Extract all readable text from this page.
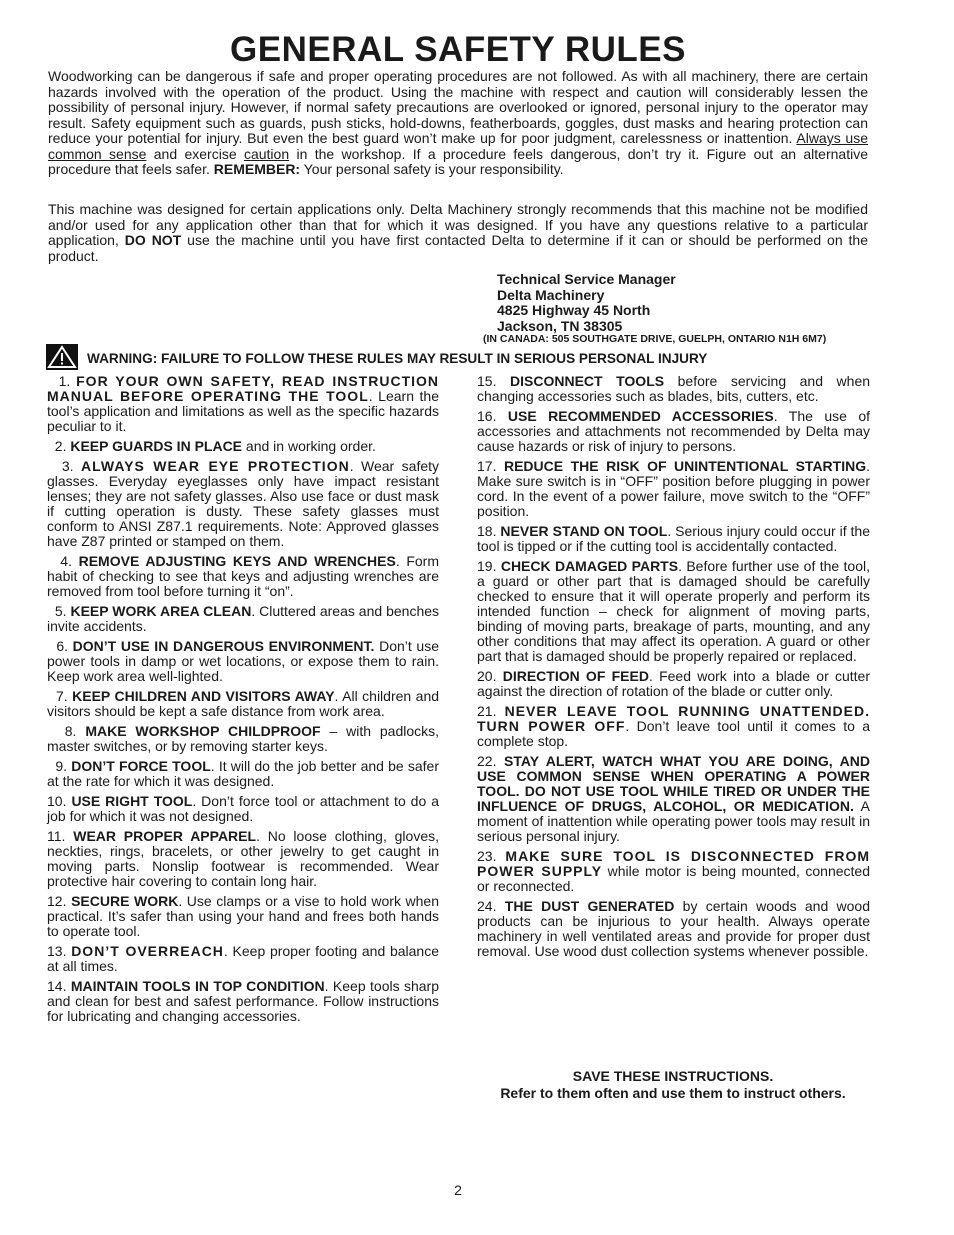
GENERAL SAFETY RULES

Woodworking can be dangerous if safe and proper operating procedures are not followed. As with all machinery, there are certain hazards involved with the operation of the product. Using the machine with respect and caution will considerably lessen the possibility of personal injury. However, if normal safety precautions are overlooked or ignored, personal injury to the operator may result. Safety equipment such as guards, push sticks, hold-downs, featherboards, goggles, dust masks and hearing protection can reduce your potential for injury. But even the best guard won’t make up for poor judgment, carelessness or inattention. Always use common sense and exercise caution in the workshop. If a procedure feels dangerous, don’t try it. Figure out an alternative procedure that feels safer. REMEMBER: Your personal safety is your responsibility.

This machine was designed for certain applications only. Delta Machinery strongly recommends that this machine not be modified and/or used for any application other than that for which it was designed. If you have any questions relative to a particular application, DO NOT use the machine until you have first contacted Delta to determine if it can or should be performed on the product.

Technical Service Manager
Delta Machinery
4825 Highway 45 North
Jackson, TN 38305
(IN CANADA: 505 SOUTHGATE DRIVE, GUELPH, ONTARIO N1H 6M7)
WARNING: FAILURE TO FOLLOW THESE RULES MAY RESULT IN SERIOUS PERSONAL INJURY

1. FOR YOUR OWN SAFETY, READ INSTRUCTION MANUAL BEFORE OPERATING THE TOOL. Learn the tool’s application and limitations as well as the specific hazards peculiar to it.

2. KEEP GUARDS IN PLACE and in working order.

3. ALWAYS WEAR EYE PROTECTION. Wear safety glasses. Everyday eyeglasses only have impact resistant lenses; they are not safety glasses. Also use face or dust mask if cutting operation is dusty. These safety glasses must conform to ANSI Z87.1 requirements. Note: Approved glasses have Z87 printed or stamped on them.

4. REMOVE ADJUSTING KEYS AND WRENCHES. Form habit of checking to see that keys and adjusting wrenches are removed from tool before turning it “on”.

5. KEEP WORK AREA CLEAN. Cluttered areas and benches invite accidents.

6. DON’T USE IN DANGEROUS ENVIRONMENT. Don’t use power tools in damp or wet locations, or expose them to rain. Keep work area well-lighted.

7. KEEP CHILDREN AND VISITORS AWAY. All children and visitors should be kept a safe distance from work area.

8. MAKE WORKSHOP CHILDPROOF – with padlocks, master switches, or by removing starter keys.

9. DON’T FORCE TOOL. It will do the job better and be safer at the rate for which it was designed.

10. USE RIGHT TOOL. Don’t force tool or attachment to do a job for which it was not designed.

11. WEAR PROPER APPAREL. No loose clothing, gloves, neckties, rings, bracelets, or other jewelry to get caught in moving parts. Nonslip footwear is recommended. Wear protective hair covering to contain long hair.

12. SECURE WORK. Use clamps or a vise to hold work when practical. It’s safer than using your hand and frees both hands to operate tool.

13. DON’T OVERREACH. Keep proper footing and balance at all times.

14. MAINTAIN TOOLS IN TOP CONDITION. Keep tools sharp and clean for best and safest performance. Follow instructions for lubricating and changing accessories.

15. DISCONNECT TOOLS before servicing and when changing accessories such as blades, bits, cutters, etc.

16. USE RECOMMENDED ACCESSORIES. The use of accessories and attachments not recommended by Delta may cause hazards or risk of injury to persons.

17. REDUCE THE RISK OF UNINTENTIONAL STARTING. Make sure switch is in “OFF” position before plugging in power cord. In the event of a power failure, move switch to the “OFF” position.

18. NEVER STAND ON TOOL. Serious injury could occur if the tool is tipped or if the cutting tool is accidentally contacted.

19. CHECK DAMAGED PARTS. Before further use of the tool, a guard or other part that is damaged should be carefully checked to ensure that it will operate properly and perform its intended function – check for alignment of moving parts, binding of moving parts, breakage of parts, mounting, and any other conditions that may affect its operation. A guard or other part that is damaged should be properly repaired or replaced.

20. DIRECTION OF FEED. Feed work into a blade or cutter against the direction of rotation of the blade or cutter only.

21. NEVER LEAVE TOOL RUNNING UNATTENDED. TURN POWER OFF. Don’t leave tool until it comes to a complete stop.

22. STAY ALERT, WATCH WHAT YOU ARE DOING, AND USE COMMON SENSE WHEN OPERATING A POWER TOOL. DO NOT USE TOOL WHILE TIRED OR UNDER THE INFLUENCE OF DRUGS, ALCOHOL, OR MEDICATION. A moment of inattention while operating power tools may result in serious personal injury.

23. MAKE SURE TOOL IS DISCONNECTED FROM POWER SUPPLY while motor is being mounted, connected or reconnected.

24. THE DUST GENERATED by certain woods and wood products can be injurious to your health. Always operate machinery in well ventilated areas and provide for proper dust removal. Use wood dust collection systems whenever possible.

SAVE THESE INSTRUCTIONS.
Refer to them often and use them to instruct others.
2
